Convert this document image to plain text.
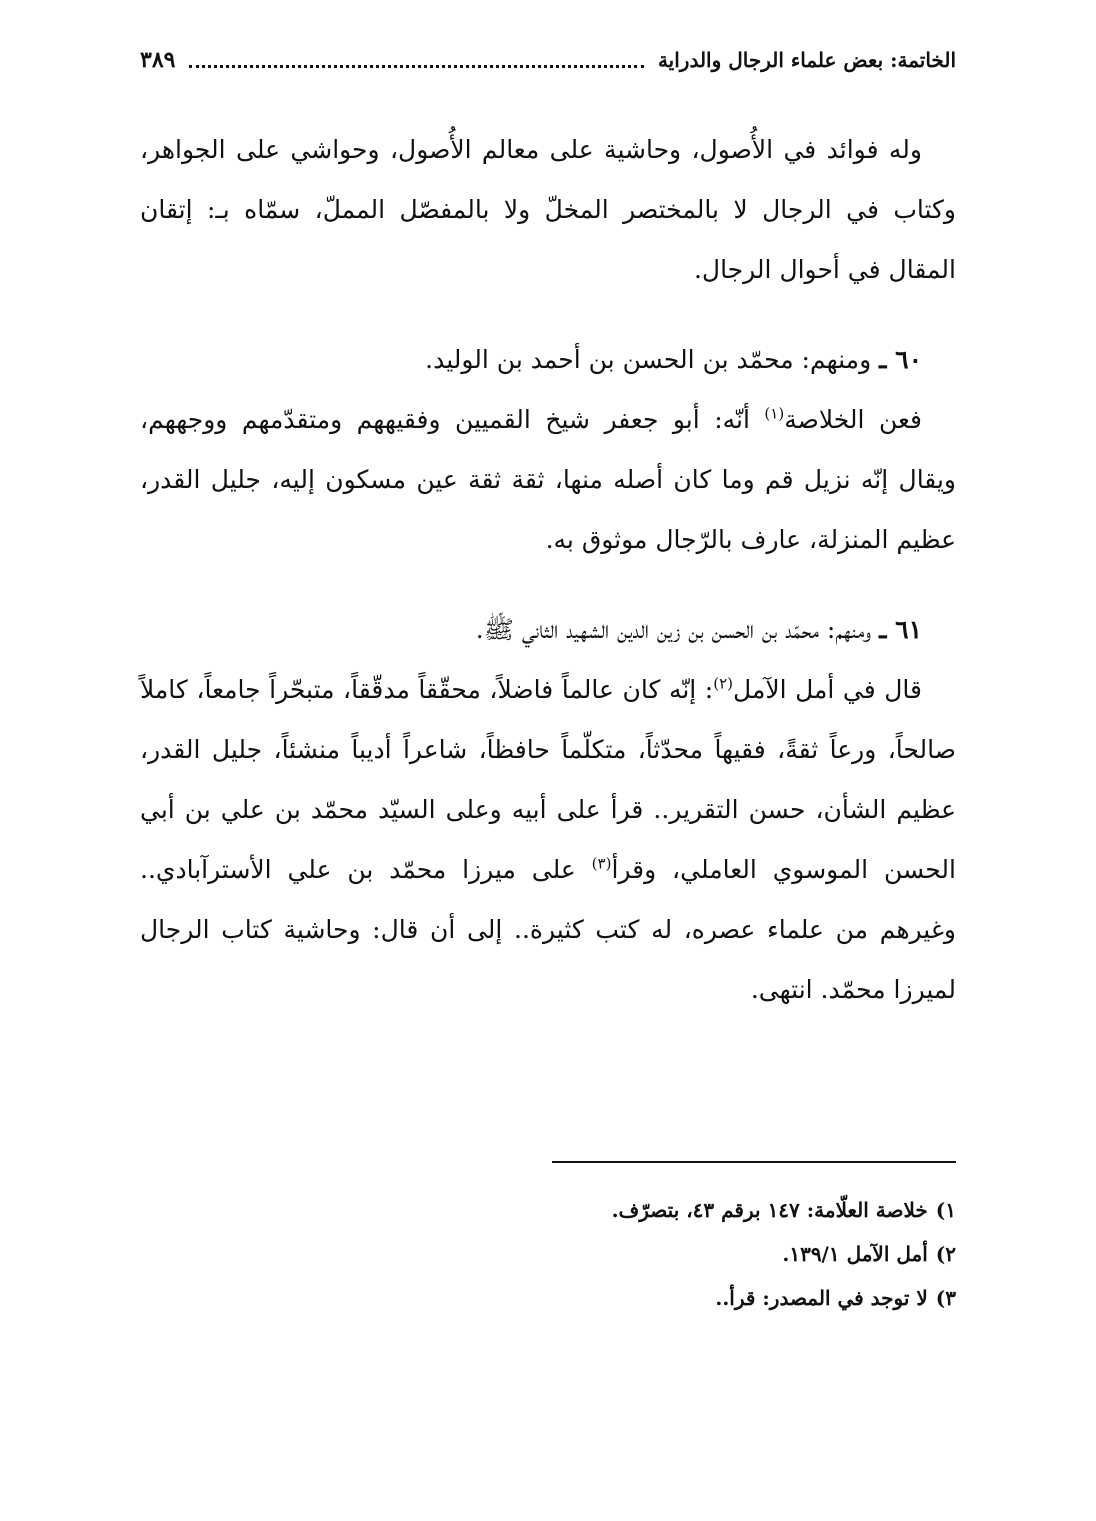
الخاتمة: بعض علماء الرجال والدراية
٣٨٩

وله فوائد في الأُصول، وحاشية على معالم الأُصول، وحواشي على الجواهر، وكتاب في الرجال لا بالمختصر المخلّ ولا بالمفصّل المملّ، سمّاه بـ: إتقان المقال في أحوال الرجال.

٦٠ ـ ومنهم: محمّد بن الحسن بن أحمد بن الوليد.

فعن الخلاصة$^{(١)}$ أنّه: أبو جعفر شيخ القميين وفقيههم ومتقدّمهم ووجههم، ويقال إنّه نزيل قم وما كان أصله منها، ثقة ثقة عين مسكون إليه، جليل القدر، عظيم المنزلة، عارف بالرّجال موثوق به.

٦١ ـ ومنهم: محمّد بن الحسن بن زين الدين الشهيد الثاني ﷺ.

قال في أمل الآمل$^{(٢)}$: إنّه كان عالماً فاضلاً، محقّقاً مدقّقاً، متبحّراً جامعاً، كاملاً صالحاً، ورعاً ثقةً، فقيهاً محدّثاً، متكلّماً حافظاً، شاعراً أديباً منشئاً، جليل القدر، عظيم الشأن، حسن التقرير.. قرأ على أبيه وعلى السيّد محمّد بن علي بن أبي الحسن الموسوي العاملي، وقرأ$^{(٣)}$ على ميرزا محمّد بن علي الأسترآبادي.. وغيرهم من علماء عصره، له كتب كثيرة.. إلى أن قال: وحاشية كتاب الرجال لميرزا محمّد. انتهى.

١)خلاصة العلّامة: ١٤٧ برقم ٤٣، بتصرّف.

٢)أمل الآمل ١٣٩/١.

٣)لا توجد في المصدر: قرأ..
